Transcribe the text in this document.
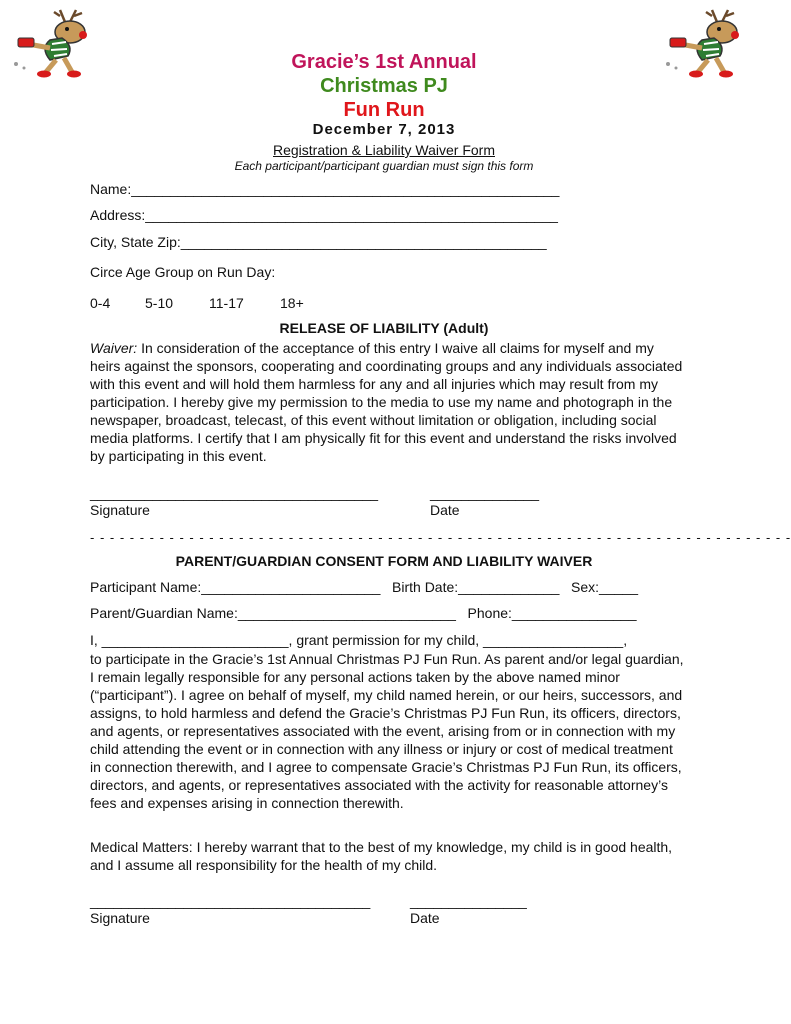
Gracie’s 1st Annual
Christmas PJ
Fun Run
December 7, 2013
Registration & Liability Waiver Form
Each participant/participant guardian must sign this form
Name:_______________________________________________________
Address:_____________________________________________________
City, State Zip:_______________________________________________
Circe Age Group on Run Day:
0-4 5-10	11-17	18+
RELEASE OF LIABILITY (Adult)
Waiver: In consideration of the acceptance of this entry I waive all claims for myself and my heirs against the sponsors, cooperating and coordinating groups and any individuals associated with this event and will hold them harmless for any and all injuries which may result from my participation. I hereby give my permission to the media to use my name and photograph in the newspaper, broadcast, telecast, of this event without limitation or obligation, including social media platforms. I certify that I am physically fit for this event and understand the risks involved by participating in this event.
_____________________________________	______________
Signature	Date
- - - - - - - - - - - - - - - - - - - - - - - - - - - - - - - - - - - - - - - - - - - - - - - - - - - - - - - - - - - - - - - - - - - - - - -
PARENT/GUARDIAN CONSENT FORM AND LIABILITY WAIVER
Participant Name:_______________________   Birth Date:_____________   Sex:_____
Parent/Guardian Name:____________________________   Phone:________________
I, ________________________, grant permission for my child, __________________,
to participate in the Gracie’s 1st Annual Christmas PJ Fun Run. As parent and/or legal guardian, I remain legally responsible for any personal actions taken by the above named minor (“participant”). I agree on behalf of myself, my child named herein, or our heirs, successors, and assigns, to hold harmless and defend the Gracie’s Christmas PJ Fun Run, its officers, directors, and agents, or representatives associated with the event, arising from or in connection with my child attending the event or in connection with any illness or injury or cost of medical treatment in connection therewith, and I agree to compensate Gracie’s Christmas PJ Fun Run, its officers, directors, and agents, or representatives associated with the activity for reasonable attorney’s fees and expenses arising in connection therewith.
Medical Matters: I hereby warrant that to the best of my knowledge, my child is in good health, and I assume all responsibility for the health of my child.
____________________________________	_______________
Signature	Date
